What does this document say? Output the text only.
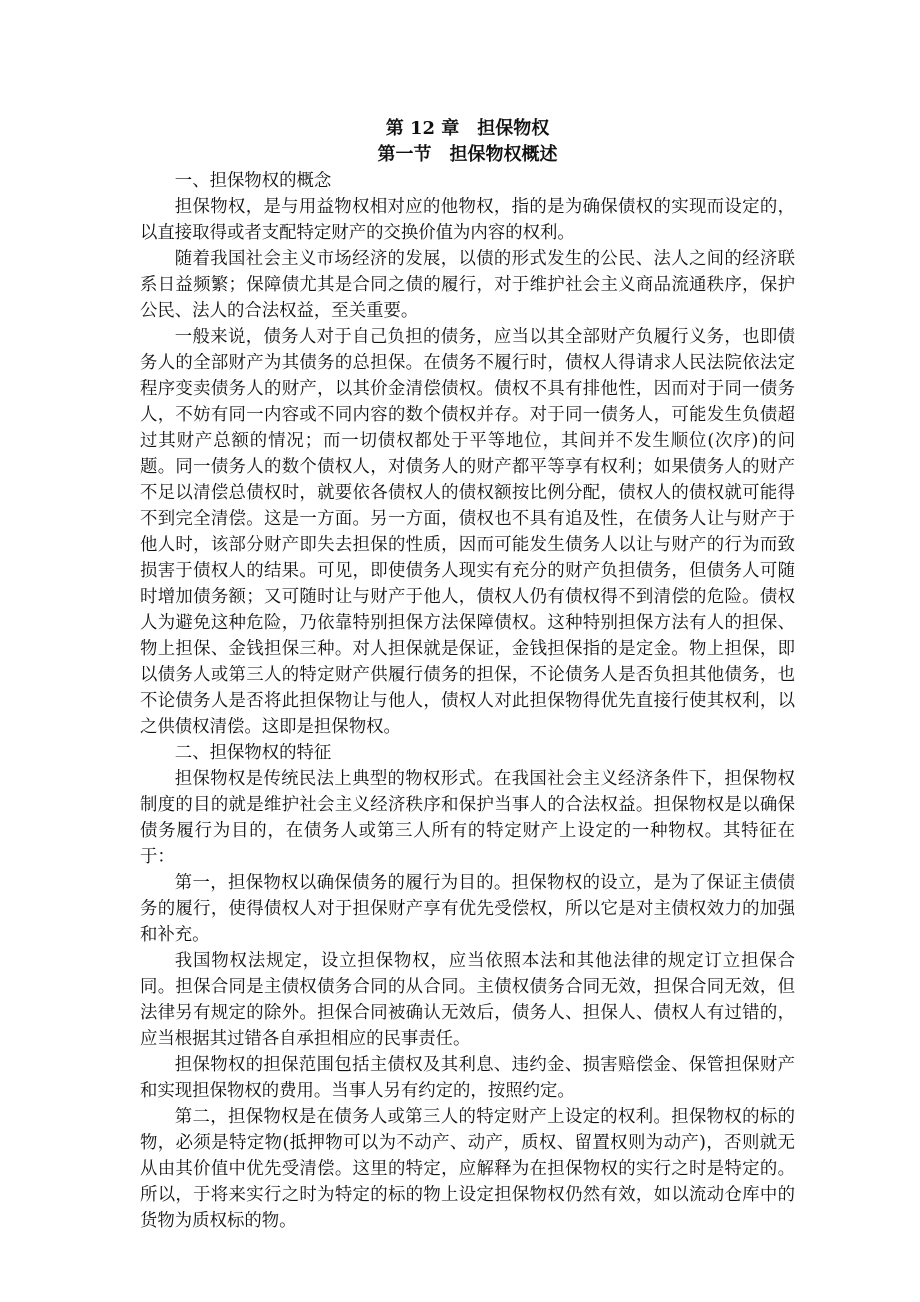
第 12 章　担保物权
第一节　担保物权概述

一、担保物权的概念

担保物权，是与用益物权相对应的他物权，指的是为确保债权的实现而设定的，以直接取得或者支配特定财产的交换价值为内容的权利。

随着我国社会主义市场经济的发展，以债的形式发生的公民、法人之间的经济联系日益频繁；保障债尤其是合同之债的履行，对于维护社会主义商品流通秩序，保护公民、法人的合法权益，至关重要。

一般来说，债务人对于自己负担的债务，应当以其全部财产负履行义务，也即债务人的全部财产为其债务的总担保。在债务不履行时，债权人得请求人民法院依法定程序变卖债务人的财产，以其价金清偿债权。债权不具有排他性，因而对于同一债务人，不妨有同一内容或不同内容的数个债权并存。对于同一债务人，可能发生负债超过其财产总额的情况；而一切债权都处于平等地位，其间并不发生顺位(次序)的问题。同一债务人的数个债权人，对债务人的财产都平等享有权利；如果债务人的财产不足以清偿总债权时，就要依各债权人的债权额按比例分配，债权人的债权就可能得不到完全清偿。这是一方面。另一方面，债权也不具有追及性，在债务人让与财产于他人时，该部分财产即失去担保的性质，因而可能发生债务人以让与财产的行为而致损害于债权人的结果。可见，即使债务人现实有充分的财产负担债务，但债务人可随时增加债务额；又可随时让与财产于他人，债权人仍有债权得不到清偿的危险。债权人为避免这种危险，乃依靠特别担保方法保障债权。这种特别担保方法有人的担保、物上担保、金钱担保三种。对人担保就是保证，金钱担保指的是定金。物上担保，即以债务人或第三人的特定财产供履行债务的担保，不论债务人是否负担其他债务，也不论债务人是否将此担保物让与他人，债权人对此担保物得优先直接行使其权利，以之供债权清偿。这即是担保物权。

二、担保物权的特征

担保物权是传统民法上典型的物权形式。在我国社会主义经济条件下，担保物权制度的目的就是维护社会主义经济秩序和保护当事人的合法权益。担保物权是以确保债务履行为目的，在债务人或第三人所有的特定财产上设定的一种物权。其特征在于：

第一，担保物权以确保债务的履行为目的。担保物权的设立，是为了保证主债债务的履行，使得债权人对于担保财产享有优先受偿权，所以它是对主债权效力的加强和补充。

我国物权法规定，设立担保物权，应当依照本法和其他法律的规定订立担保合同。担保合同是主债权债务合同的从合同。主债权债务合同无效，担保合同无效，但法律另有规定的除外。担保合同被确认无效后，债务人、担保人、债权人有过错的，应当根据其过错各自承担相应的民事责任。

担保物权的担保范围包括主债权及其利息、违约金、损害赔偿金、保管担保财产和实现担保物权的费用。当事人另有约定的，按照约定。

第二，担保物权是在债务人或第三人的特定财产上设定的权利。担保物权的标的物，必须是特定物(抵押物可以为不动产、动产，质权、留置权则为动产)，否则就无从由其价值中优先受清偿。这里的特定，应解释为在担保物权的实行之时是特定的。所以，于将来实行之时为特定的标的物上设定担保物权仍然有效，如以流动仓库中的货物为质权标的物。
